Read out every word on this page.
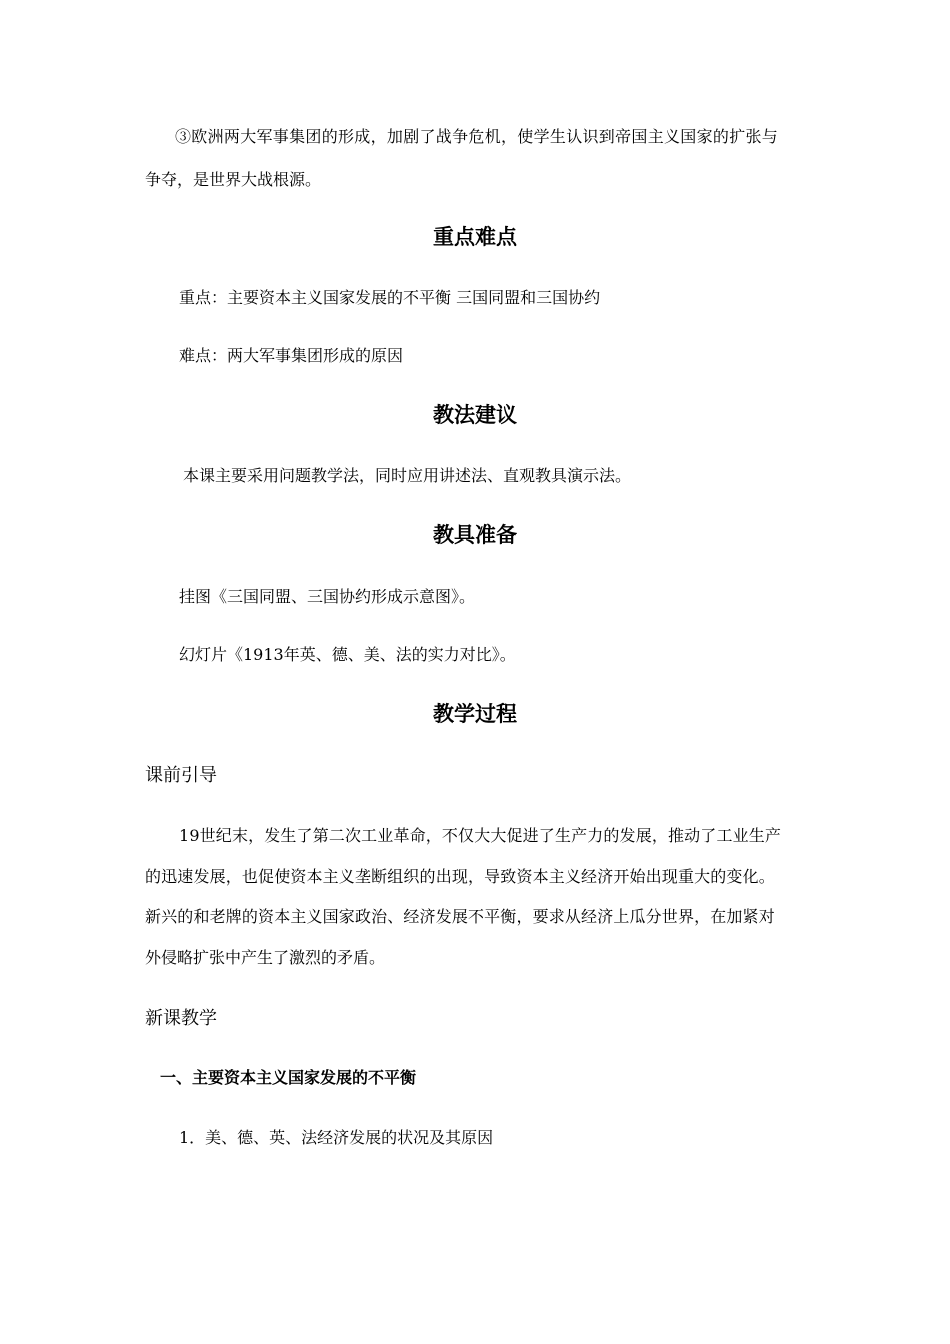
③欧洲两大军事集团的形成，加剧了战争危机，使学生认识到帝国主义国家的扩张与
争夺，是世界大战根源。
重点难点
重点：主要资本主义国家发展的不平衡 三国同盟和三国协约
难点：两大军事集团形成的原因
教法建议
本课主要采用问题教学法，同时应用讲述法、直观教具演示法。
教具准备
挂图《三国同盟、三国协约形成示意图》。
幻灯片《1913年英、德、美、法的实力对比》。
教学过程
课前引导
19世纪末，发生了第二次工业革命，不仅大大促进了生产力的发展，推动了工业生产
的迅速发展，也促使资本主义垄断组织的出现，导致资本主义经济开始出现重大的变化。
新兴的和老牌的资本主义国家政治、经济发展不平衡，要求从经济上瓜分世界，在加紧对
外侵略扩张中产生了激烈的矛盾。
新课教学
一、主要资本主义国家发展的不平衡
1．美、德、英、法经济发展的状况及其原因
